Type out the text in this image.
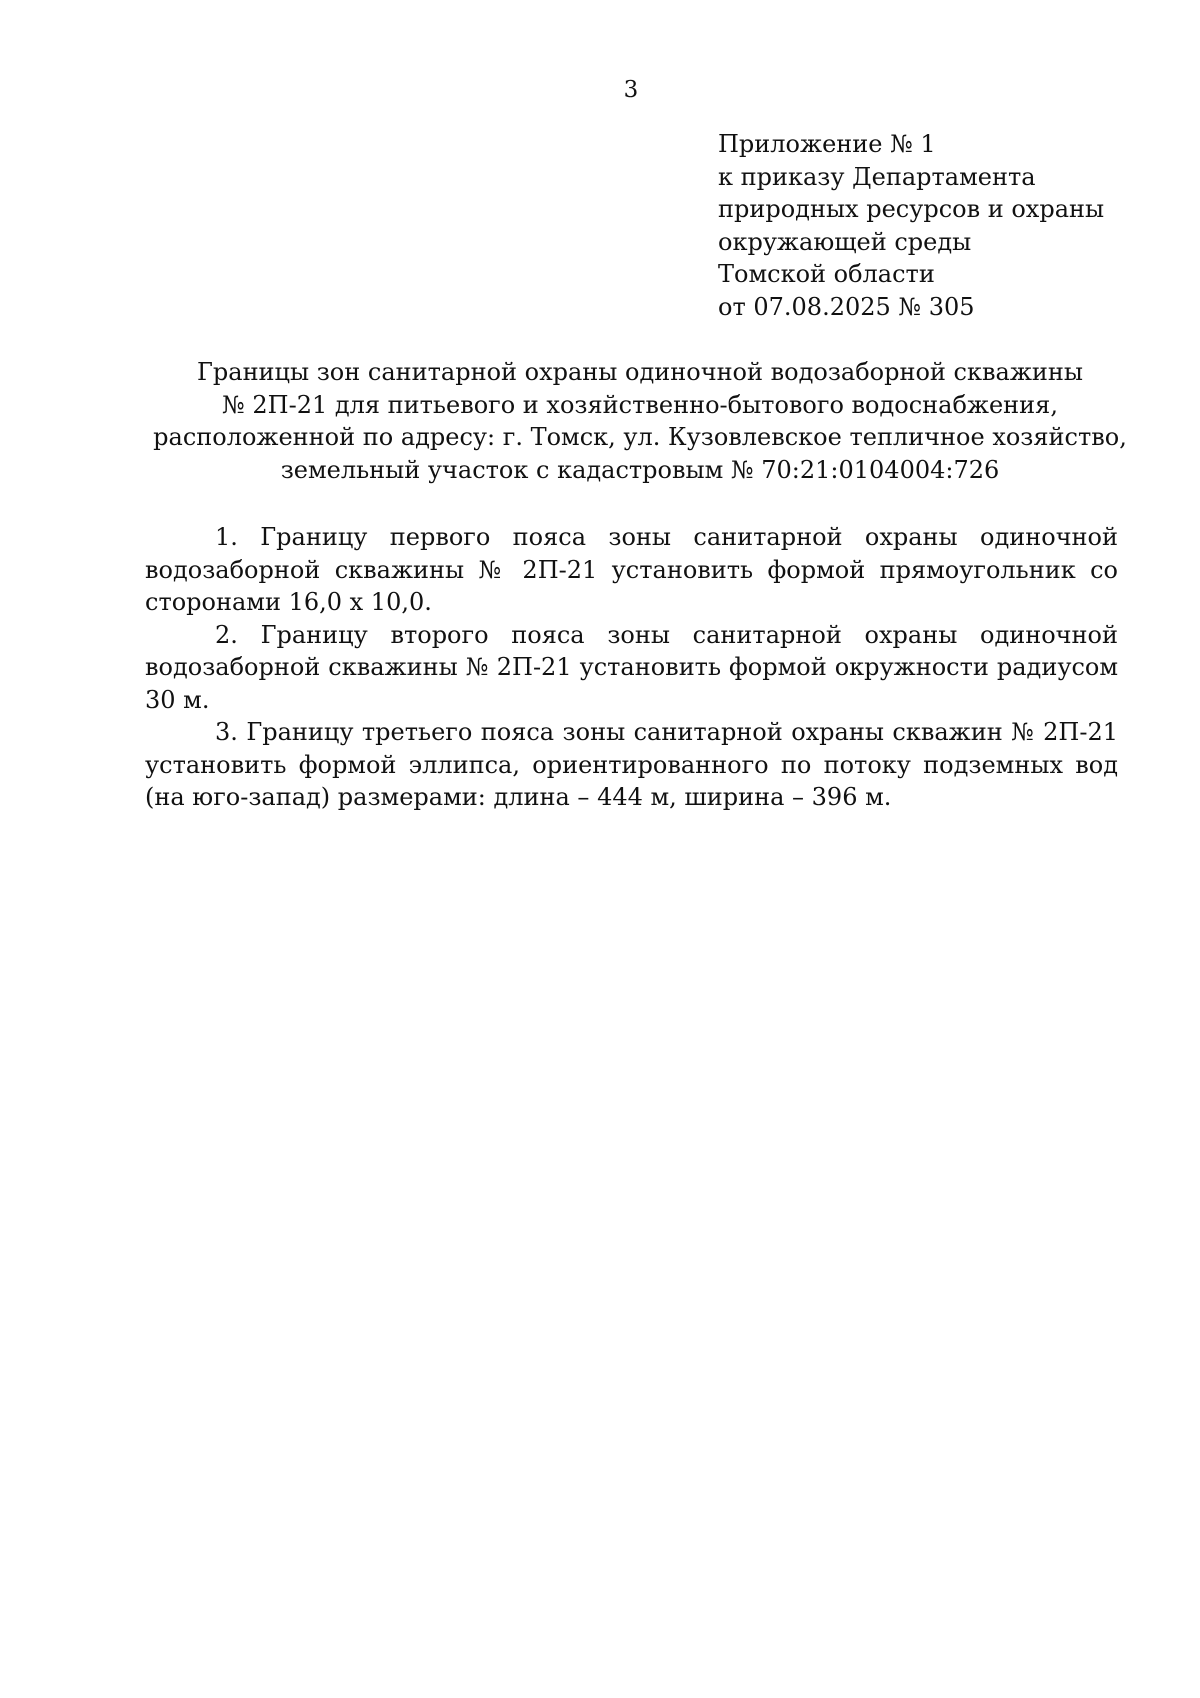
3
Приложение № 1
к приказу Департамента
природных ресурсов и охраны
окружающей среды
Томской области
от 07.08.2025 № 305
Границы зон санитарной охраны одиночной водозаборной скважины
№ 2П-21 для питьевого и хозяйственно-бытового водоснабжения,
расположенной по адресу: г. Томск, ул. Кузовлевское тепличное хозяйство,
земельный участок с кадастровым № 70:21:0104004:726

1. Границу первого пояса зоны санитарной охраны одиночной водозаборной скважины № 2П-21 установить формой прямоугольник со сторонами 16,0 х 10,0.

2. Границу второго пояса зоны санитарной охраны одиночной водозаборной скважины № 2П-21 установить формой окружности радиусом 30 м.

3. Границу третьего пояса зоны санитарной охраны скважин № 2П-21 установить формой эллипса, ориентированного по потоку подземных вод (на юго-запад) размерами: длина – 444 м, ширина – 396 м.
